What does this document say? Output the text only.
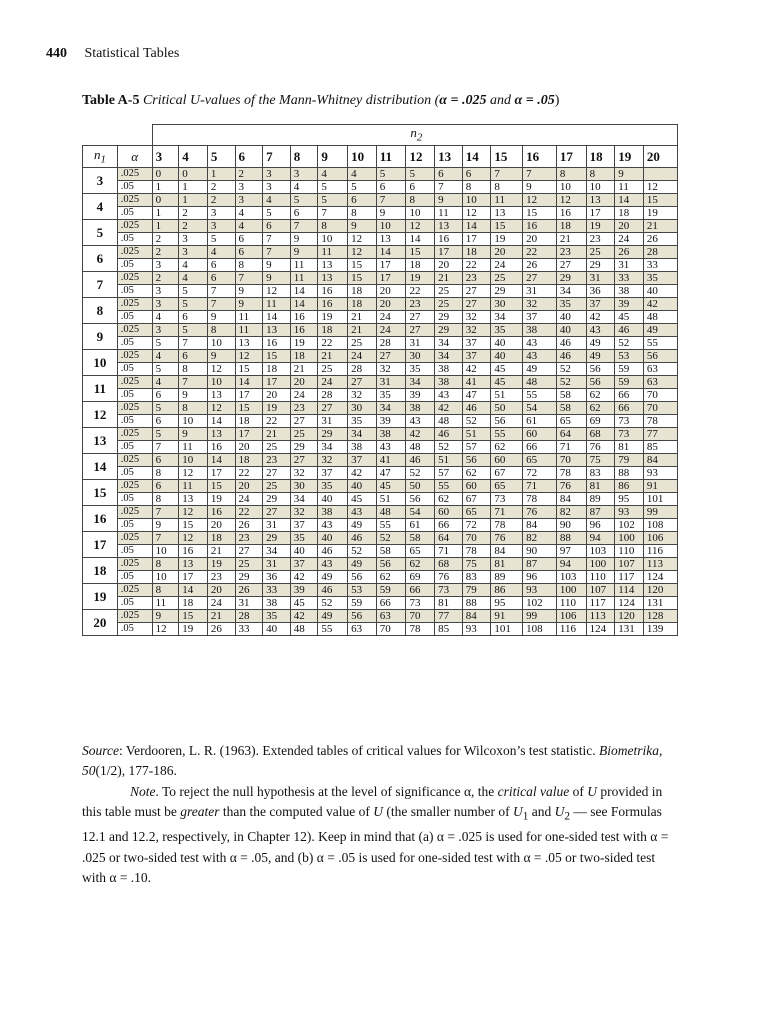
440 Statistical Tables
Table A-5 Critical U-values of the Mann-Whitney distribution (α = .025 and α = .05)
		$n_2$
$n_1$	α	3	4	5	6	7	8	9	10	11	12	13	14	15	16	17	18	19	20
3	.025	0	0	1	2	3	3	4	4	5	5	6	6	7	7	8	8	9	
	.05	1	1	2	3	3	4	5	5	6	6	7	8	8	9	10	10	11	12
4	.025	0	1	2	3	4	5	5	6	7	8	9	10	11	12	12	13	14	15
	.05	1	2	3	4	5	6	7	8	9	10	11	12	13	15	16	17	18	19
5	.025	1	2	3	4	6	7	8	9	10	12	13	14	15	16	18	19	20	21
	.05	2	3	5	6	7	9	10	12	13	14	16	17	19	20	21	23	24	26
6	.025	2	3	4	6	7	9	11	12	14	15	17	18	20	22	23	25	26	28
	.05	3	4	6	8	9	11	13	15	17	18	20	22	24	26	27	29	31	33
7	.025	2	4	6	7	9	11	13	15	17	19	21	23	25	27	29	31	33	35
	.05	3	5	7	9	12	14	16	18	20	22	25	27	29	31	34	36	38	40
8	.025	3	5	7	9	11	14	16	18	20	23	25	27	30	32	35	37	39	42
	.05	4	6	9	11	14	16	19	21	24	27	29	32	34	37	40	42	45	48
9	.025	3	5	8	11	13	16	18	21	24	27	29	32	35	38	40	43	46	49
	.05	5	7	10	13	16	19	22	25	28	31	34	37	40	43	46	49	52	55
10	.025	4	6	9	12	15	18	21	24	27	30	34	37	40	43	46	49	53	56
	.05	5	8	12	15	18	21	25	28	32	35	38	42	45	49	52	56	59	63
11	.025	4	7	10	14	17	20	24	27	31	34	38	41	45	48	52	56	59	63
	.05	6	9	13	17	20	24	28	32	35	39	43	47	51	55	58	62	66	70
12	.025	5	8	12	15	19	23	27	30	34	38	42	46	50	54	58	62	66	70
	.05	6	10	14	18	22	27	31	35	39	43	48	52	56	61	65	69	73	78
13	.025	5	9	13	17	21	25	29	34	38	42	46	51	55	60	64	68	73	77
	.05	7	11	16	20	25	29	34	38	43	48	52	57	62	66	71	76	81	85
14	.025	6	10	14	18	23	27	32	37	41	46	51	56	60	65	70	75	79	84
	.05	8	12	17	22	27	32	37	42	47	52	57	62	67	72	78	83	88	93
15	.025	6	11	15	20	25	30	35	40	45	50	55	60	65	71	76	81	86	91
	.05	8	13	19	24	29	34	40	45	51	56	62	67	73	78	84	89	95	101
16	.025	7	12	16	22	27	32	38	43	48	54	60	65	71	76	82	87	93	99
	.05	9	15	20	26	31	37	43	49	55	61	66	72	78	84	90	96	102	108
17	.025	7	12	18	23	29	35	40	46	52	58	64	70	76	82	88	94	100	106
	.05	10	16	21	27	34	40	46	52	58	65	71	78	84	90	97	103	110	116
18	.025	8	13	19	25	31	37	43	49	56	62	68	75	81	87	94	100	107	113
	.05	10	17	23	29	36	42	49	56	62	69	76	83	89	96	103	110	117	124
19	.025	8	14	20	26	33	39	46	53	59	66	73	79	86	93	100	107	114	120
	.05	11	18	24	31	38	45	52	59	66	73	81	88	95	102	110	117	124	131
20	.025	9	15	21	28	35	42	49	56	63	70	77	84	91	99	106	113	120	128
	.05	12	19	26	33	40	48	55	63	70	78	85	93	101	108	116	124	131	139

Source: Verdooren, L. R. (1963). Extended tables of critical values for Wilcoxon’s test statistic. Biometrika, 50(1/2), 177-186.

Note. To reject the null hypothesis at the level of significance α, the critical value of U provided in this table must be greater than the computed value of U (the smaller number of $U_1$ and $U_2$ — see Formulas 12.1 and 12.2, respectively, in Chapter 12). Keep in mind that (a) α = .025 is used for one-sided test with α = .025 or two-sided test with α = .05, and (b) α = .05 is used for one-sided test with α = .05 or two-sided test with α = .10.
